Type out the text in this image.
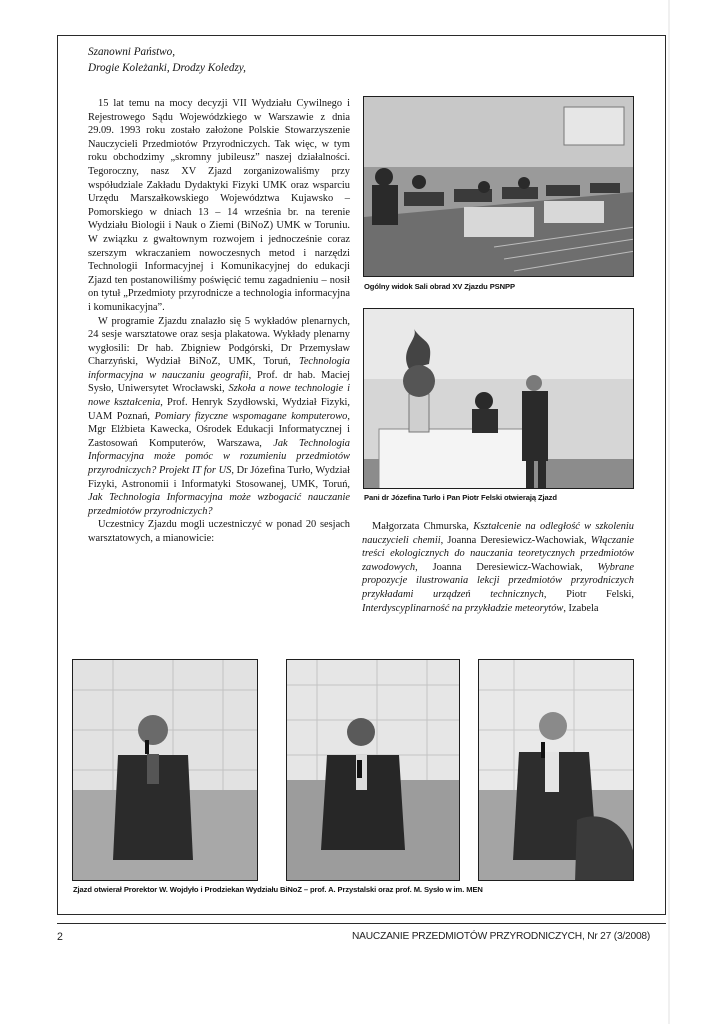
Szanowni Państwo,
Drogie Koleżanki, Drodzy Koledzy,

15 lat temu na mocy decyzji VII Wydziału Cywilnego i Rejestrowego Sądu Wojewódzkiego w Warszawie z dnia 29.09. 1993 roku zostało założone Polskie Stowarzyszenie Nauczycieli Przedmiotów Przyrodniczych. Tak więc, w tym roku obchodzimy „skromny jubileusz” naszej działalności. Tegoroczny, nasz XV Zjazd zorganizowaliśmy przy współudziale Zakładu Dydaktyki Fizyki UMK oraz wsparciu Urzędu Marszałkowskiego Województwa Kujawsko – Pomorskiego w dniach 13 – 14 września br. na terenie Wydziału Biologii i Nauk o Ziemi (BiNoZ) UMK w Toruniu. W związku z gwałtownym rozwojem i jednocześnie coraz szerszym wkraczaniem nowoczesnych metod i narzędzi Technologii Informacyjnej i Komunikacyjnej do edukacji Zjazd ten postanowiliśmy poświęcić temu zagadnieniu – nosił on tytuł „Przedmioty przyrodnicze a technologia informacyjna i komunikacyjna”.

W programie Zjazdu znalazło się 5 wykładów plenarnych, 24 sesje warsztatowe oraz sesja plakatowa. Wykłady plenarny wygłosili: Dr hab. Zbigniew Podgórski, Dr Przemysław Charzyński, Wydział BiNoZ, UMK, Toruń, Technologia informacyjna w nauczaniu geografii, Prof. dr hab. Maciej Sysło, Uniwersytet Wrocławski, Szkoła a nowe technologie i nowe kształcenia, Prof. Henryk Szydłowski, Wydział Fizyki, UAM Poznań, Pomiary fizyczne wspomagane komputerowo, Mgr Elżbieta Kawecka, Ośrodek Edukacji Informatycznej i Zastosowań Komputerów, Warszawa, Jak Technologia Informacyjna może pomóc w rozumieniu przedmiotów przyrodniczych? Projekt IT for US, Dr Józefina Turło, Wydział Fizyki, Astronomii i Informatyki Stosowanej, UMK, Toruń, Jak Technologia Informacyjna może wzbogacić nauczanie przedmiotów przyrodniczych?

Uczestnicy Zjazdu mogli uczestniczyć w ponad 20 sesjach warsztatowych, a mianowicie:

Ogólny widok Sali obrad XV Zjazdu PSNPP
Pani dr Józefina Turło i Pan Piotr Felski otwierają Zjazd

Małgorzata Chmurska, Kształcenie na odległość w szkoleniu nauczycieli chemii, Joanna Deresiewicz-Wachowiak, Włączanie treści ekologicznych do nauczania teoretycznych przedmiotów zawodowych, Joanna Deresiewicz-Wachowiak, Wybrane propozycje ilustrowania lekcji przedmiotów przyrodniczych przykładami urządzeń technicznych, Piotr Felski, Interdyscyplinarność na przykładzie meteorytów, Izabela

Zjazd otwierał Prorektor W. Wojdyło i Prodziekan Wydziału BiNoZ – prof. A. Przystalski oraz prof. M. Sysło w im. MEN
2	NAUCZANIE PRZEDMIOTÓW PRZYRODNICZYCH, Nr 27 (3/2008)
